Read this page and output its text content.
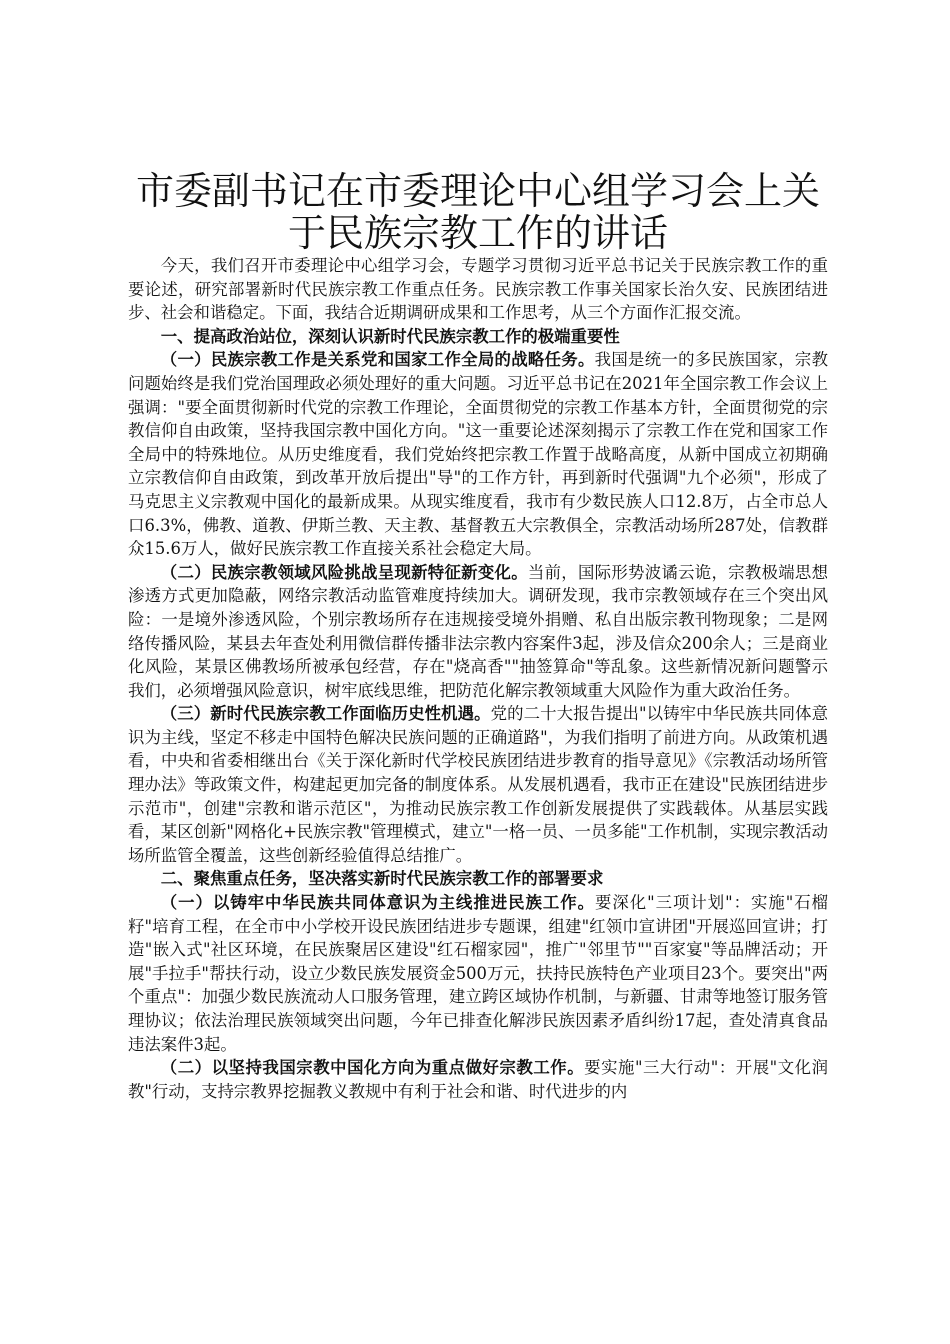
市委副书记在市委理论中心组学习会上关于民族宗教工作的讲话

今天，我们召开市委理论中心组学习会，专题学习贯彻习近平总书记关于民族宗教工作的重要论述，研究部署新时代民族宗教工作重点任务。民族宗教工作事关国家长治久安、民族团结进步、社会和谐稳定。下面，我结合近期调研成果和工作思考，从三个方面作汇报交流。

一、提高政治站位，深刻认识新时代民族宗教工作的极端重要性

（一）民族宗教工作是关系党和国家工作全局的战略任务。我国是统一的多民族国家，宗教问题始终是我们党治国理政必须处理好的重大问题。习近平总书记在2021年全国宗教工作会议上强调："要全面贯彻新时代党的宗教工作理论，全面贯彻党的宗教工作基本方针，全面贯彻党的宗教信仰自由政策，坚持我国宗教中国化方向。"这一重要论述深刻揭示了宗教工作在党和国家工作全局中的特殊地位。从历史维度看，我们党始终把宗教工作置于战略高度，从新中国成立初期确立宗教信仰自由政策，到改革开放后提出"导"的工作方针，再到新时代强调"九个必须"，形成了马克思主义宗教观中国化的最新成果。从现实维度看，我市有少数民族人口12.8万，占全市总人口6.3%，佛教、道教、伊斯兰教、天主教、基督教五大宗教俱全，宗教活动场所287处，信教群众15.6万人，做好民族宗教工作直接关系社会稳定大局。

（二）民族宗教领域风险挑战呈现新特征新变化。当前，国际形势波谲云诡，宗教极端思想渗透方式更加隐蔽，网络宗教活动监管难度持续加大。调研发现，我市宗教领域存在三个突出风险：一是境外渗透风险，个别宗教场所存在违规接受境外捐赠、私自出版宗教刊物现象；二是网络传播风险，某县去年查处利用微信群传播非法宗教内容案件3起，涉及信众200余人；三是商业化风险，某景区佛教场所被承包经营，存在"烧高香""抽签算命"等乱象。这些新情况新问题警示我们，必须增强风险意识，树牢底线思维，把防范化解宗教领域重大风险作为重大政治任务。

（三）新时代民族宗教工作面临历史性机遇。党的二十大报告提出"以铸牢中华民族共同体意识为主线，坚定不移走中国特色解决民族问题的正确道路"，为我们指明了前进方向。从政策机遇看，中央和省委相继出台《关于深化新时代学校民族团结进步教育的指导意见》《宗教活动场所管理办法》等政策文件，构建起更加完备的制度体系。从发展机遇看，我市正在建设"民族团结进步示范市"，创建"宗教和谐示范区"，为推动民族宗教工作创新发展提供了实践载体。从基层实践看，某区创新"网格化+民族宗教"管理模式，建立"一格一员、一员多能"工作机制，实现宗教活动场所监管全覆盖，这些创新经验值得总结推广。

二、聚焦重点任务，坚决落实新时代民族宗教工作的部署要求

（一）以铸牢中华民族共同体意识为主线推进民族工作。要深化"三项计划"：实施"石榴籽"培育工程，在全市中小学校开设民族团结进步专题课，组建"红领巾宣讲团"开展巡回宣讲；打造"嵌入式"社区环境，在民族聚居区建设"红石榴家园"，推广"邻里节""百家宴"等品牌活动；开展"手拉手"帮扶行动，设立少数民族发展资金500万元，扶持民族特色产业项目23个。要突出"两个重点"：加强少数民族流动人口服务管理，建立跨区域协作机制，与新疆、甘肃等地签订服务管理协议；依法治理民族领域突出问题，今年已排查化解涉民族因素矛盾纠纷17起，查处清真食品违法案件3起。

（二）以坚持我国宗教中国化方向为重点做好宗教工作。要实施"三大行动"：开展"文化润教"行动，支持宗教界挖掘教义教规中有利于社会和谐、时代进步的内
